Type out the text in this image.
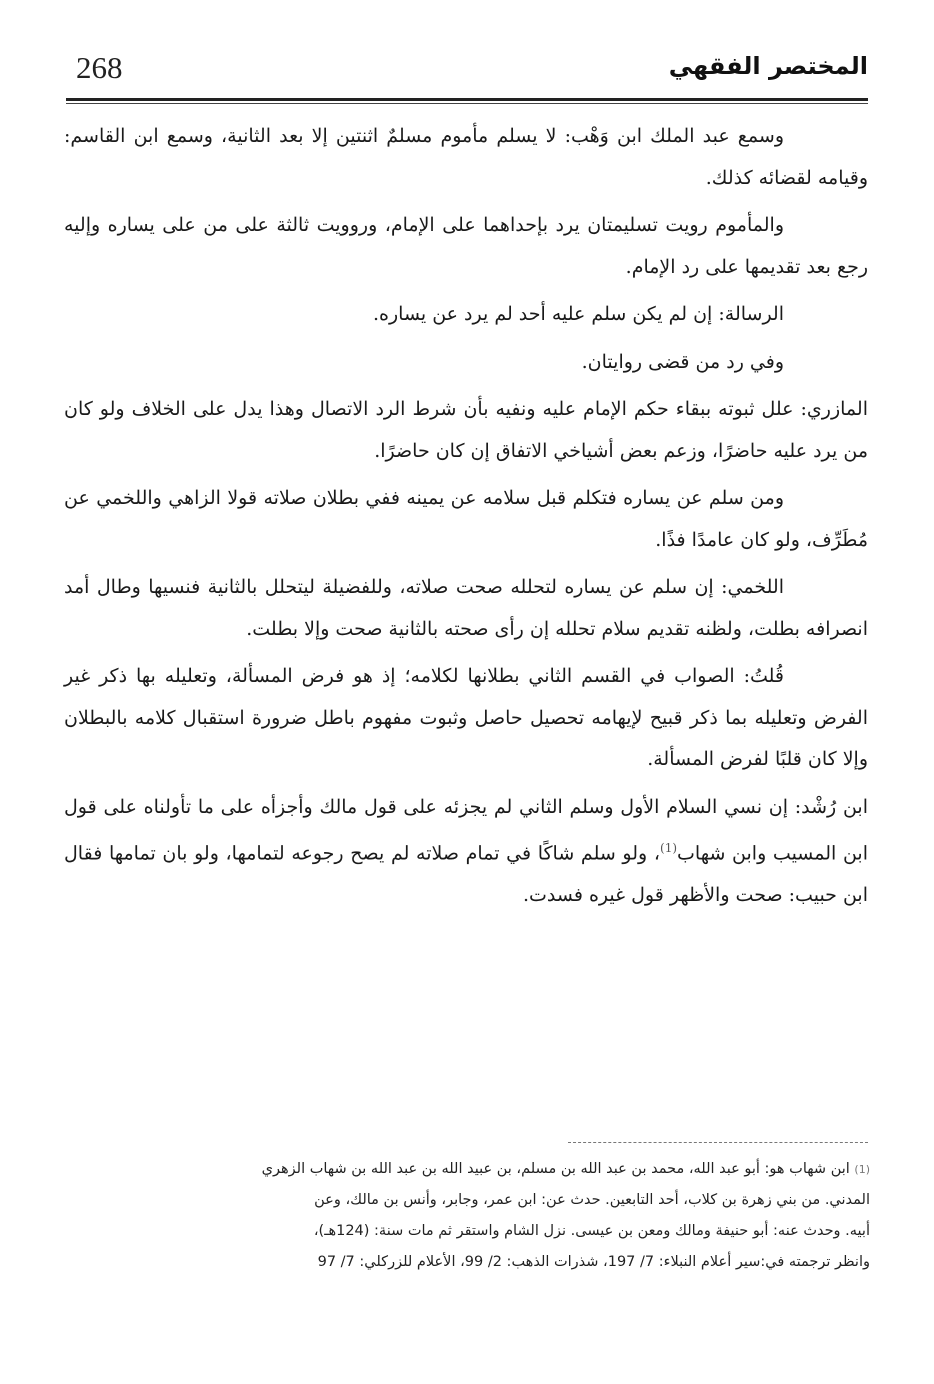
268	المختصر الفقهي

وسمع عبد الملك ابن وَهْب: لا يسلم مأموم مسلمٌ اثنتين إلا بعد الثانية، وسمع ابن القاسم: وقيامه لقضائه كذلك.

والمأموم رويت تسليمتان يرد بإحداهما على الإمام، وروويت ثالثة على من على يساره وإليه رجع بعد تقديمها على رد الإمام.

الرسالة: إن لم يكن سلم عليه أحد لم يرد عن يساره.

وفي رد من قضى روايتان.

المازري: علل ثبوته ببقاء حكم الإمام عليه ونفيه بأن شرط الرد الاتصال وهذا يدل على الخلاف ولو كان من يرد عليه حاضرًا، وزعم بعض أشياخي الاتفاق إن كان حاضرًا.

ومن سلم عن يساره فتكلم قبل سلامه عن يمينه ففي بطلان صلاته قولا الزاهي واللخمي عن مُطَرِّف، ولو كان عامدًا فذًا.

اللخمي: إن سلم عن يساره لتحلله صحت صلاته، وللفضيلة ليتحلل بالثانية فنسيها وطال أمد انصرافه بطلت، ولظنه تقديم سلام تحلله إن رأى صحته بالثانية صحت وإلا بطلت.

قُلتُ: الصواب في القسم الثاني بطلانها لكلامه؛ إذ هو فرض المسألة، وتعليله بها ذكر غير الفرض وتعليله بما ذكر قبيح لإيهامه تحصيل حاصل وثبوت مفهوم باطل ضرورة استقبال كلامه بالبطلان وإلا كان قلبًا لفرض المسألة.

ابن رُشْد: إن نسي السلام الأول وسلم الثاني لم يجزئه على قول مالك وأجزأه على ما تأولناه على قول ابن المسيب وابن شهاب$^{(1)}$، ولو سلم شاكًا في تمام صلاته لم يصح رجوعه لتمامها، ولو بان تمامها فقال ابن حبيب: صحت والأظهر قول غيره فسدت.

(1) ابن شهاب هو: أبو عبد الله، محمد بن عبد الله بن مسلم، بن عبيد الله بن عبد الله بن شهاب الزهري

المدني. من بني زهرة بن كلاب، أحد التابعين. حدث عن: ابن عمر، وجابر، وأنس بن مالك، وعن

أبيه. وحدث عنه: أبو حنيفة ومالك ومعن بن عيسى. نزل الشام واستقر ثم مات سنة: (124هـ)،

وانظر ترجمته في:سير أعلام النبلاء: 7/ 197، شذرات الذهب: 2/ 99، الأعلام للزركلي: 7/ 97
